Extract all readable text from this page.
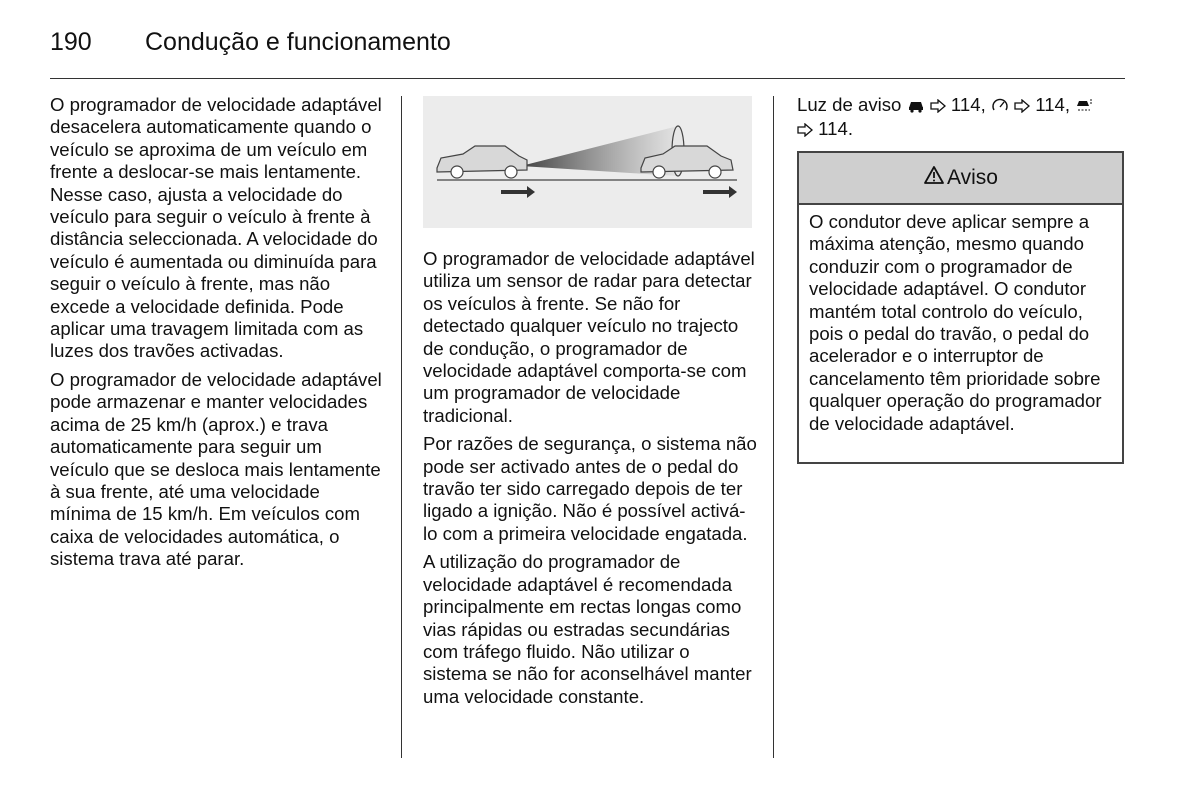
190 Condução e funcionamento

O programador de velocidade adaptável desacelera automaticamente quando o veículo se aproxima de um veículo em frente a deslocar-se mais lentamente. Nesse caso, ajusta a velocidade do veículo para seguir o veículo à frente à distância seleccionada. A velocidade do veículo é aumentada ou diminuída para seguir o veículo à frente, mas não excede a velocidade definida. Pode aplicar uma travagem limitada com as luzes dos travões activadas.

O programador de velocidade adaptável pode armazenar e manter velocidades acima de 25 km/h (aprox.) e trava automaticamente para seguir um veículo que se desloca mais lentamente à sua frente, até uma velocidade mínima de 15 km/h. Em veículos com caixa de velocidades automática, o sistema trava até parar.

O programador de velocidade adaptável utiliza um sensor de radar para detectar os veículos à frente. Se não for detectado qualquer veículo no trajecto de condução, o programador de velocidade adaptável comporta-se com um programador de velocidade tradicional.

Por razões de segurança, o sistema não pode ser activado antes de o pedal do travão ter sido carregado depois de ter ligado a ignição. Não é possível activá-lo com a primeira velocidade engatada.

A utilização do programador de velocidade adaptável é recomendada principalmente em rectas longas como vias rápidas ou estradas secundárias com tráfego fluido. Não utilizar o sistema se não for aconselhável manter uma velocidade constante.

Luz de aviso	114,	114,
114.
Aviso
O condutor deve aplicar sempre a máxima atenção, mesmo quando conduzir com o programador de velocidade adaptável. O condutor mantém total controlo do veículo, pois o pedal do travão, o pedal do acelerador e o interruptor de cancelamento têm prioridade sobre qualquer operação do programador de velocidade adaptável.
